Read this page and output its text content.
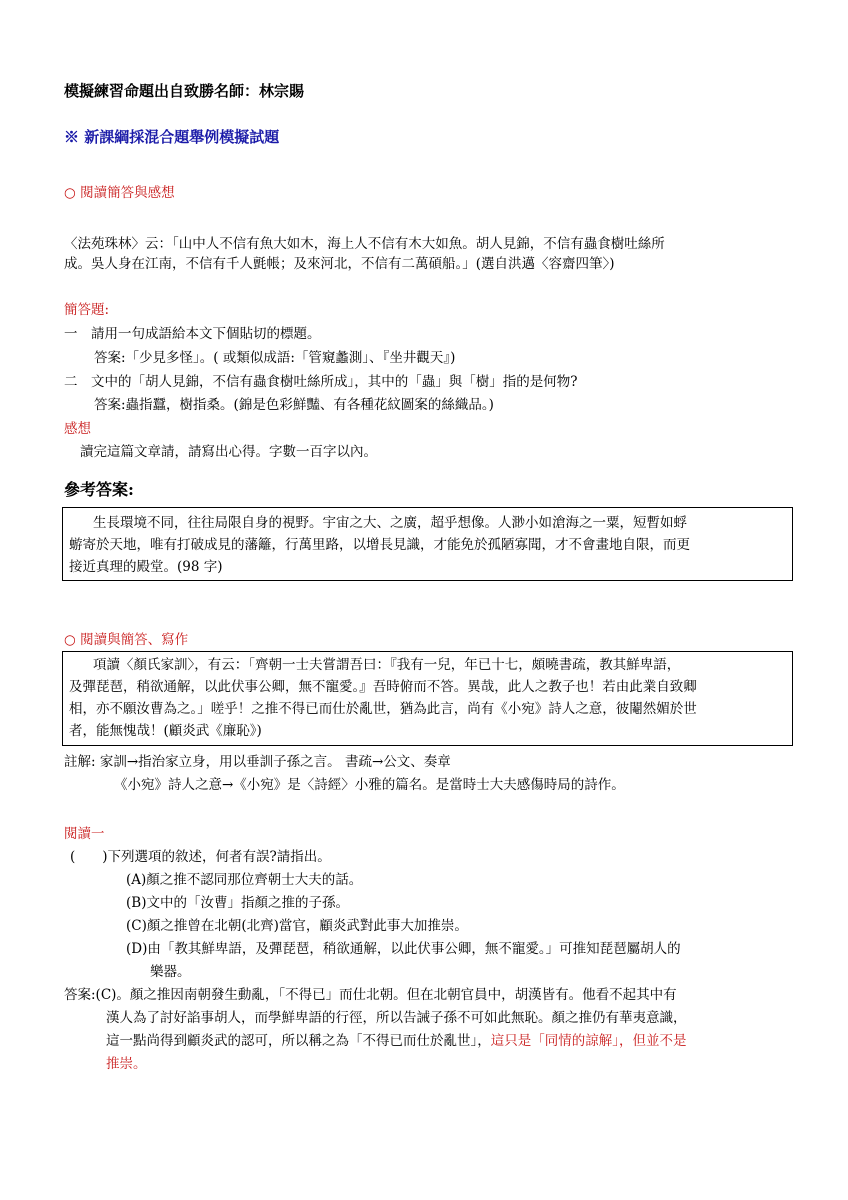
模擬練習命題出自致勝名師：林宗賜
※ 新課綱採混合題舉例模擬試題
○ 閱讀簡答與感想
〈法苑珠林〉云：「山中人不信有魚大如木，海上人不信有木大如魚。胡人見錦，不信有蟲食樹吐絲所
成。吳人身在江南，不信有千人氈帳；及來河北，不信有二萬碩船。」(選自洪邁〈容齋四筆〉)
簡答題:
一　請用一句成語給本文下個貼切的標題。
答案:「少見多怪」。( 或類似成語:「管窺蠡測」、『坐井觀天』)
二　文中的「胡人見錦，不信有蟲食樹吐絲所成」，其中的「蟲」與「樹」指的是何物?
答案:蟲指蠶，樹指桑。(錦是色彩鮮豔、有各種花紋圖案的絲織品。)
感想
讀完這篇文章請，請寫出心得。字數一百字以內。
參考答案:
生長環境不同，往往局限自身的視野。宇宙之大、之廣，超乎想像。人渺小如滄海之一粟，短暫如蜉
蝣寄於天地，唯有打破成見的藩籬，行萬里路，以增長見識，才能免於孤陋寡聞，才不會畫地自限，而更
接近真理的殿堂。(98 字)
○ 閱讀與簡答、寫作
項讀〈顏氏家訓〉，有云：「齊朝一士夫嘗謂吾曰：『我有一兒，年已十七，頗曉書疏，教其鮮卑語，
及彈琵琶，稍欲通解，以此伏事公卿，無不寵愛。』吾時俯而不答。異哉，此人之教子也！若由此業自致卿
相，亦不願汝曹為之。」嗟乎！之推不得已而仕於亂世，猶為此言，尚有《小宛》詩人之意，彼閹然媚於世
者，能無愧哉！(顧炎武《廉恥》)
註解: 家訓→指治家立身，用以垂訓子孫之言。 書疏→公文、奏章
《小宛》詩人之意→《小宛》是〈詩經〉小雅的篇名。是當時士大夫感傷時局的詩作。
閱讀一
(　　)下列選項的敘述，何者有誤?請指出。
(A)顏之推不認同那位齊朝士大夫的話。
(B)文中的「汝曹」指顏之推的子孫。
(C)顏之推曾在北朝(北齊)當官，顧炎武對此事大加推崇。
(D)由「教其鮮卑語，及彈琵琶，稍欲通解，以此伏事公卿，無不寵愛。」可推知琵琶屬胡人的
樂器。
答案:(C)。顏之推因南朝發生動亂，「不得已」而仕北朝。但在北朝官員中，胡漢皆有。他看不起其中有
漢人為了討好諂事胡人，而學鮮卑語的行徑，所以告誡子孫不可如此無恥。顏之推仍有華夷意識，
這一點尚得到顧炎武的認可，所以稱之為「不得已而仕於亂世」，這只是「同情的諒解」，但並不是
推崇。
